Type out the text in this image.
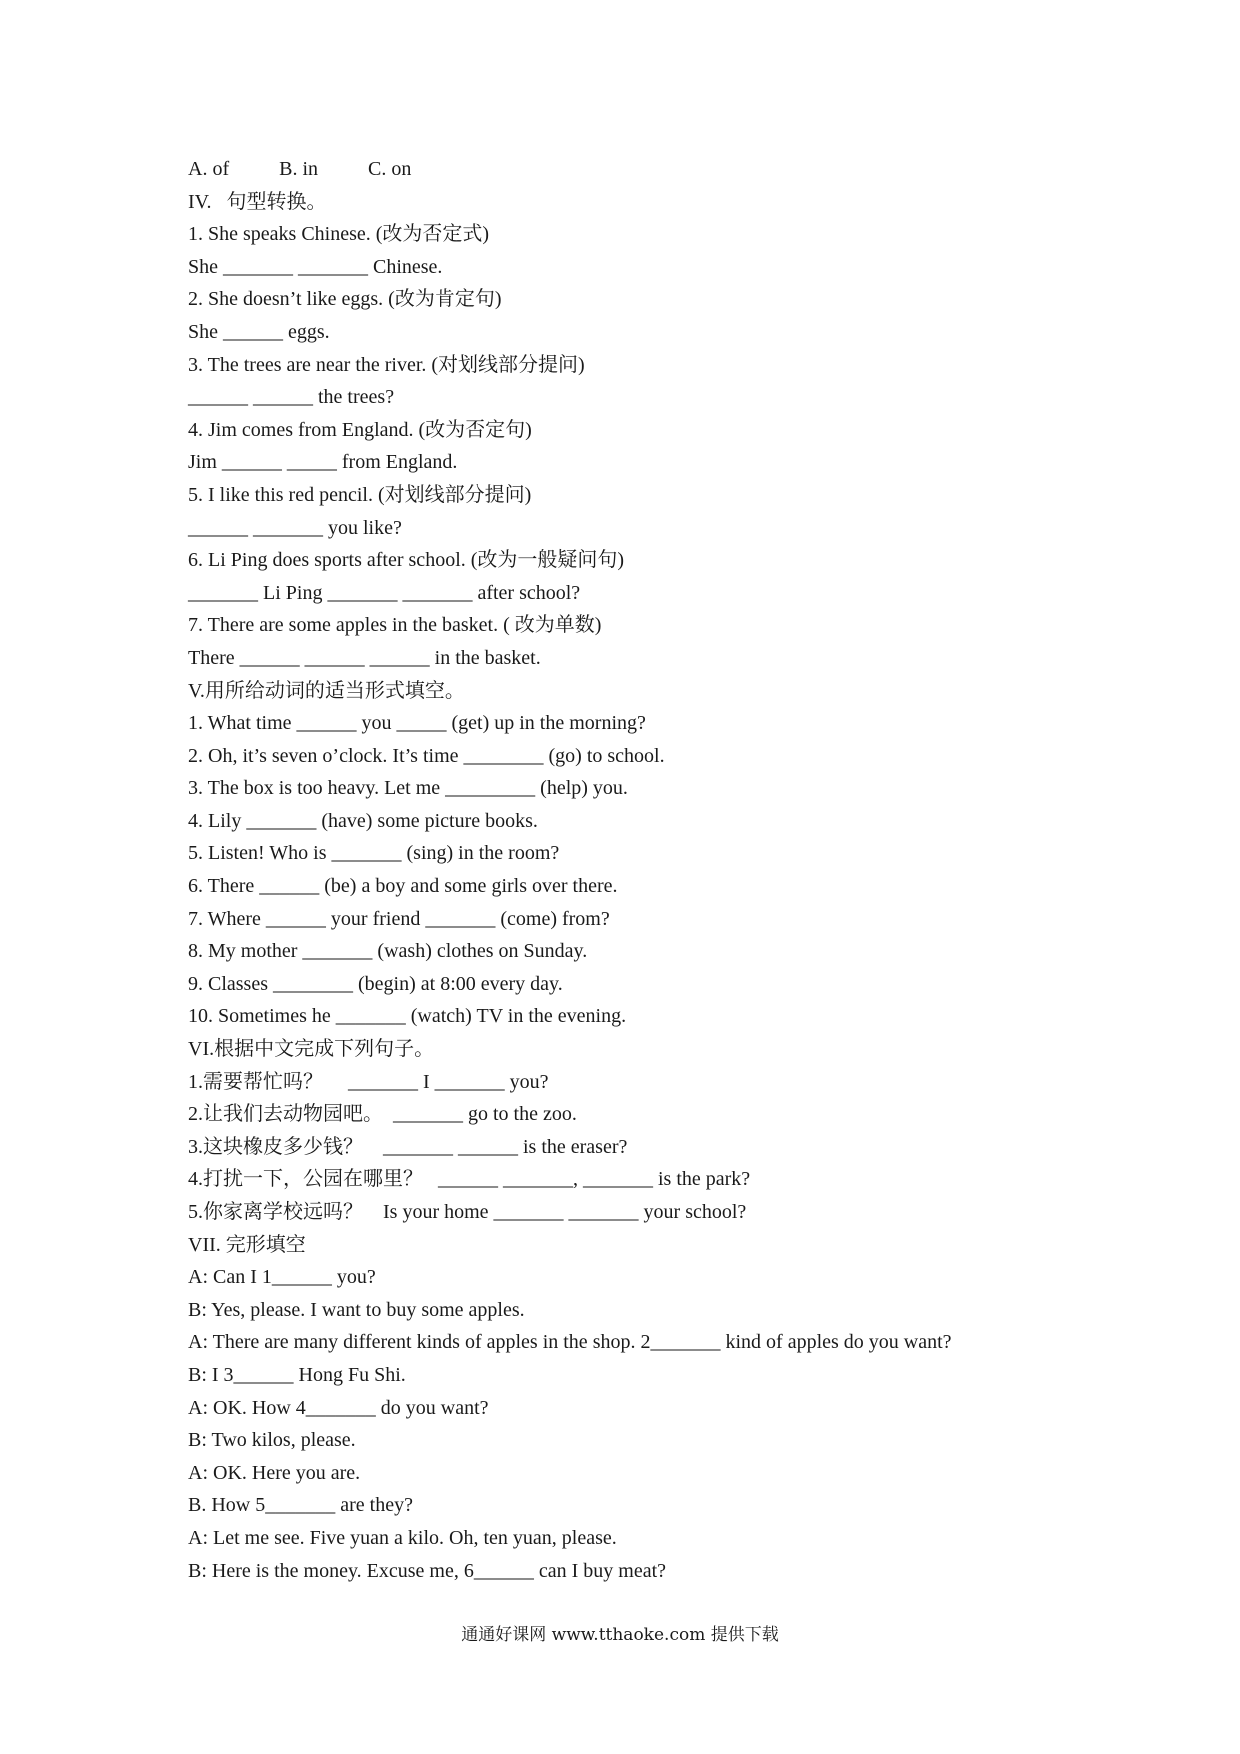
A. of          B. in          C. on
IV.   句型转换。
1. She speaks Chinese. (改为否定式)
She _______ _______ Chinese.
2. She doesn’t like eggs. (改为肯定句)
She ______ eggs.
3. The trees are near the river. (对划线部分提问)
______ ______ the trees?
4. Jim comes from England. (改为否定句)
Jim ______ _____ from England.
5. I like this red pencil. (对划线部分提问)
______ _______ you like?
6. Li Ping does sports after school. (改为一般疑问句)
_______ Li Ping _______ _______ after school?
7. There are some apples in the basket. ( 改为单数)
There ______ ______ ______ in the basket.
V.用所给动词的适当形式填空。
1. What time ______ you _____ (get) up in the morning?
2. Oh, it’s seven o’clock. It’s time ________ (go) to school.
3. The box is too heavy. Let me _________ (help) you.
4. Lily _______ (have) some picture books.
5. Listen! Who is _______ (sing) in the room?
6. There ______ (be) a boy and some girls over there.
7. Where ______ your friend _______ (come) from?
8. My mother _______ (wash) clothes on Sunday.
9. Classes ________ (begin) at 8:00 every day.
10. Sometimes he _______ (watch) TV in the evening.
VI.根据中文完成下列句子。
1.需要帮忙吗？     _______ I _______ you?
2.让我们去动物园吧。  _______ go to the zoo.
3.这块橡皮多少钱？    _______ ______ is the eraser?
4.打扰一下，公园在哪里？   ______ _______, _______ is the park?
5.你家离学校远吗？    Is your home _______ _______ your school?
VII. 完形填空
A: Can I 1______ you?
B: Yes, please. I want to buy some apples.
A: There are many different kinds of apples in the shop. 2_______ kind of apples do you want?
B: I 3______ Hong Fu Shi.
A: OK. How 4_______ do you want?
B: Two kilos, please.
A: OK. Here you are.
B. How 5_______ are they?
A: Let me see. Five yuan a kilo. Oh, ten yuan, please.
B: Here is the money. Excuse me, 6______ can I buy meat?
通通好课网 www.tthaoke.com 提供下载
